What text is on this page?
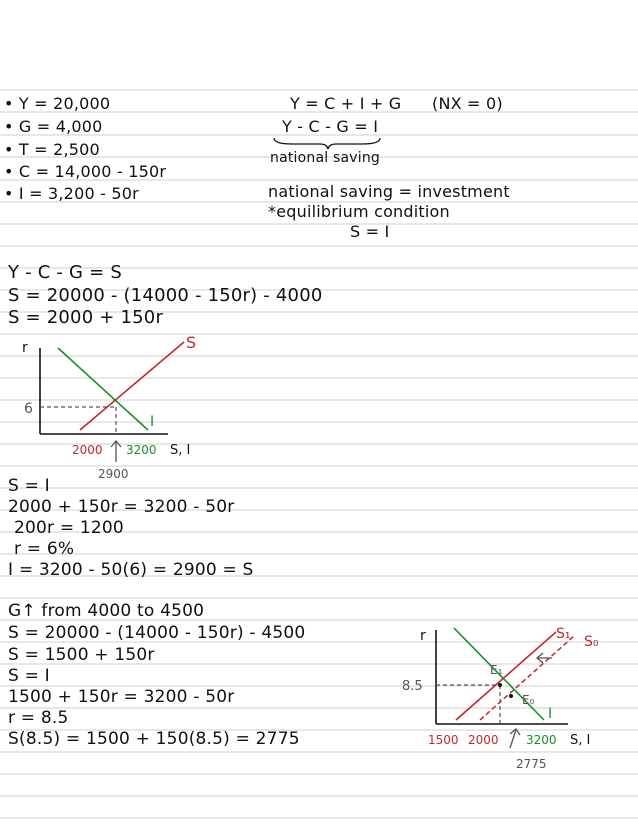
• Y = 20,000
• G = 4,000
• T = 2,500
• C = 14,000 - 150r
• I = 3,200 - 50r
Y = C + I + G (NX = 0)
Y - C - G = I
national saving
national saving = investment
*equilibrium condition
S = I
Y - C - G = S
S = 20000 - (14000 - 150r) - 4000
S = 2000 + 150r
r
6
S
I
2000 3200 S, I
2900
S = I
2000 + 150r = 3200 - 50r
200r = 1200
r = 6%
I = 3200 - 50(6) = 2900 = S
G↑ from 4000 to 4500
S = 20000 - (14000 - 150r) - 4500
S = 1500 + 150r
S = I
1500 + 150r = 3200 - 50r
r = 8.5
S(8.5) = 1500 + 150(8.5) = 2775
r
8.5
S₁ S₀
I
E₁
E₀
1500 2000 3200 S, I
2775
